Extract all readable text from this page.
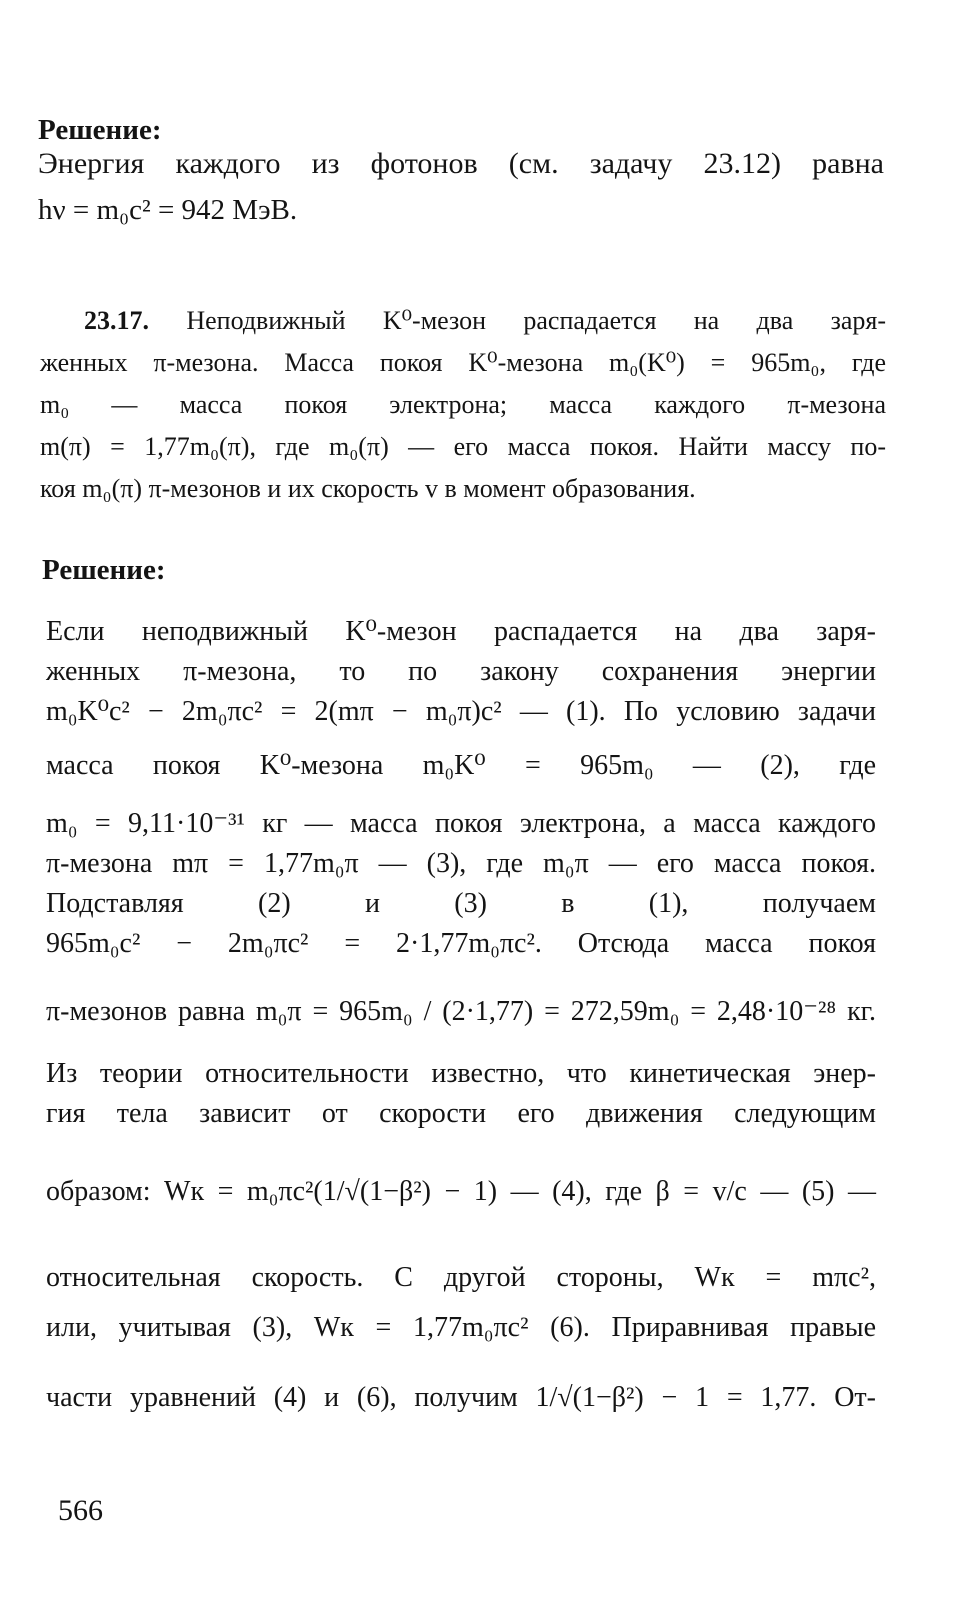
Решение:
Энергия каждого из фотонов (см. задачу 23.12) равна
hν = m₀c² = 942 МэВ.
23.17. Неподвижный K⁰-мезон распадается на два заря-
женных π-мезона. Масса покоя K⁰-мезона m₀(K⁰) = 965m₀, где
m₀ — масса покоя электрона; масса каждого π-мезона
m(π) = 1,77m₀(π), где m₀(π) — его масса покоя. Найти массу по-
коя m₀(π) π-мезонов и их скорость v в момент образования.
Решение:
Если неподвижный K⁰-мезон распадается на два заря-
женных π-мезона, то по закону сохранения энергии
m₀K⁰c² − 2m₀πc² = 2(mπ − m₀π)c² — (1). По условию задачи
масса покоя K⁰-мезона m₀K⁰ = 965m₀ — (2), где
m₀ = 9,11·10⁻³¹ кг — масса покоя электрона, а масса каждого
π-мезона mπ = 1,77m₀π — (3), где m₀π — его масса покоя.
Подставляя (2) и (3) в (1), получаем
965m₀c² − 2m₀πc² = 2·1,77m₀πc². Отсюда масса покоя
π-мезонов равна m₀π = 965m₀ / (2·1,77) = 272,59m₀ = 2,48·10⁻²⁸ кг.
Из теории относительности известно, что кинетическая энер-
гия тела зависит от скорости его движения следующим
образом: Wк = m₀πc²(1/√(1−β²) − 1) — (4), где β = v/c — (5) —
относительная скорость. С другой стороны, Wк = mπc²,
или, учитывая (3), Wк = 1,77m₀πc² (6). Приравнивая правые
части уравнений (4) и (6), получим 1/√(1−β²) − 1 = 1,77. От-
566
